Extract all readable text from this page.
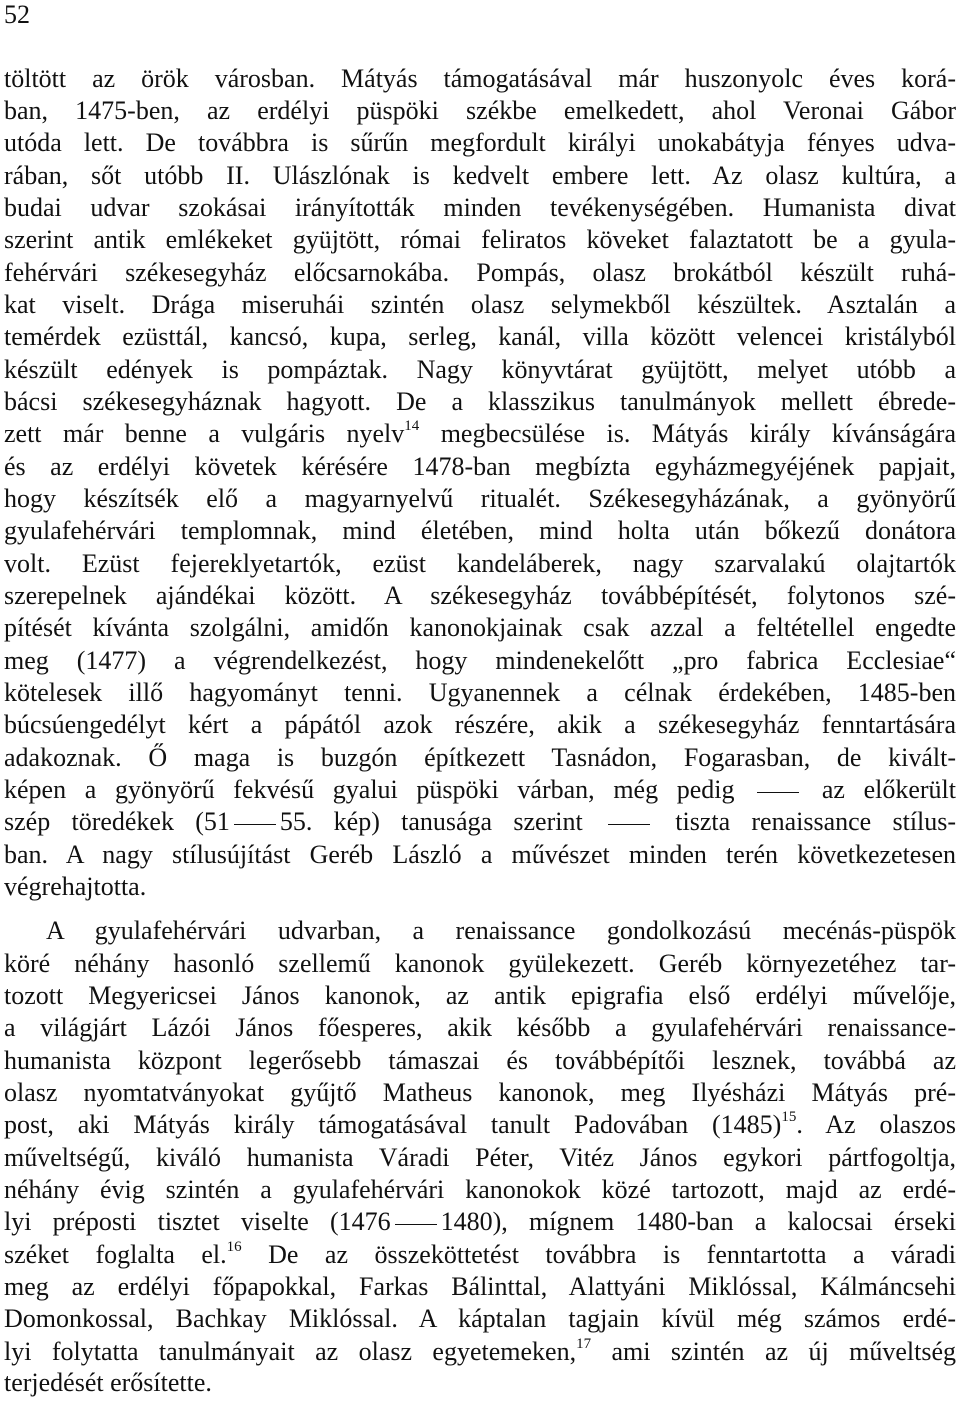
52
töltött az örök városban. Mátyás támogatásával már huszonyolc éves korá-
ban, 1475-ben, az erdélyi püspöki székbe emelkedett, ahol Veronai Gábor
utóda lett. De továbbra is sűrűn megfordult királyi unokabátyja fényes udva-
rában, sőt utóbb II. Ulászlónak is kedvelt embere lett. Az olasz kultúra, a
budai udvar szokásai irányították minden tevékenységében. Humanista divat
szerint antik emlékeket gyüjtött, római feliratos köveket falaztatott be a gyula-
fehérvári székesegyház előcsarnokába. Pompás, olasz brokátból készült ruhá-
kat viselt. Drága miseruhái szintén olasz selymekből készültek. Asztalán a
temérdek ezüsttál, kancsó, kupa, serleg, kanál, villa között velencei kristályból
készült edények is pompáztak. Nagy könyvtárat gyüjtött, melyet utóbb a
bácsi székesegyháznak hagyott. De a klasszikus tanulmányok mellett ébrede-
zett már benne a vulgáris nyelv$^{14}$ megbecsülése is. Mátyás király kívánságára
és az erdélyi követek kérésére 1478-ban megbízta egyházmegyéjének papjait,
hogy készítsék elő a magyarnyelvű ritualét. Székesegyházának, a gyönyörű
gyulafehérvári templomnak, mind életében, mind holta után bőkezű donátora
volt. Ezüst fejereklyetartók, ezüst kandeláberek, nagy szarvalakú olajtartók
szerepelnek ajándékai között. A székesegyház továbbépítését, folytonos szé-
pítését kívánta szolgálni, amidőn kanonokjainak csak azzal a feltétellel engedte
meg (1477) a végrendelkezést, hogy mindenekelőtt „pro fabrica Ecclesiae“
kötelesek illő hagyományt tenni. Ugyanennek a célnak érdekében, 1485-ben
búcsúengedélyt kért a pápától azok részére, akik a székesegyház fenntartására
adakoznak. Ő maga is buzgón építkezett Tasnádon, Fogarasban, de kivált-
képen a gyönyörű fekvésű gyalui püspöki várban, még pedig	az előkerült
szép töredékek (51 55. kép) tanusága szerint	tiszta renaissance stílus-
ban. A nagy stílusújítást Geréb László a művészet minden terén következetesen
végrehajtotta.
A gyulafehérvári udvarban, a renaissance gondolkozású mecénás-püspök
köré néhány hasonló szellemű kanonok gyülekezett. Geréb környezetéhez tar-
tozott Megyericsei János kanonok, az antik epigrafia első erdélyi művelője,
a világjárt Lázói János főesperes, akik később a gyulafehérvári renaissance-
humanista központ legerősebb támaszai és továbbépítői lesznek, továbbá az
olasz nyomtatványokat gyűjtő Matheus kanonok, meg Ilyésházi Mátyás pré-
post, aki Mátyás király támogatásával tanult Padovában $(1485)^{15}$. Az olaszos
műveltségű, kiváló humanista Váradi Péter, Vitéz János egykori pártfogoltja,
néhány évig szintén a gyulafehérvári kanonokok közé tartozott, majd az erdé-
lyi préposti tisztet viselte (1476 1480), mígnem 1480-ban a kalocsai érseki
széket foglalta el.$^{16}$ De az összeköttetést továbbra is fenntartotta a váradi
meg az erdélyi főpapokkal, Farkas Bálinttal, Alattyáni Miklóssal, Kálmáncsehi
Domonkossal, Bachkay Miklóssal. A káptalan tagjain kívül még számos erdé-
lyi folytatta tanulmányait az olasz egyetemeken,$^{17}$ ami szintén az új műveltség
terjedését erősítette.
